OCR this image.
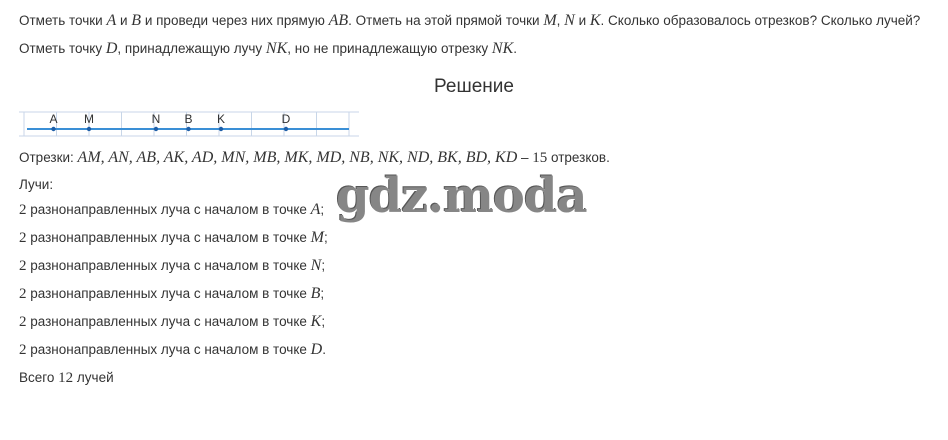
Отметь точки A и B и проведи через них прямую AB. Отметь на этой прямой точки M, N и K. Сколько образовалось отрезков? Сколько лучей?
Отметь точку D, принадлежащую лучу NK, но не принадлежащую отрезку NK.
Решение
A M	N B K	D
Отрезки: AM, AN, AB, AK, AD, MN, MB, MK, MD, NB, NK, ND, BK, BD, KD – 15 отрезков.
Лучи:
2 разнонаправленных луча с началом в точке A;
2 разнонаправленных луча с началом в точке M;
2 разнонаправленных луча с началом в точке N;
2 разнонаправленных луча с началом в точке B;
2 разнонаправленных луча с началом в точке K;
2 разнонаправленных луча с началом в точке D.
Всего 12 лучей
gdz.moda
